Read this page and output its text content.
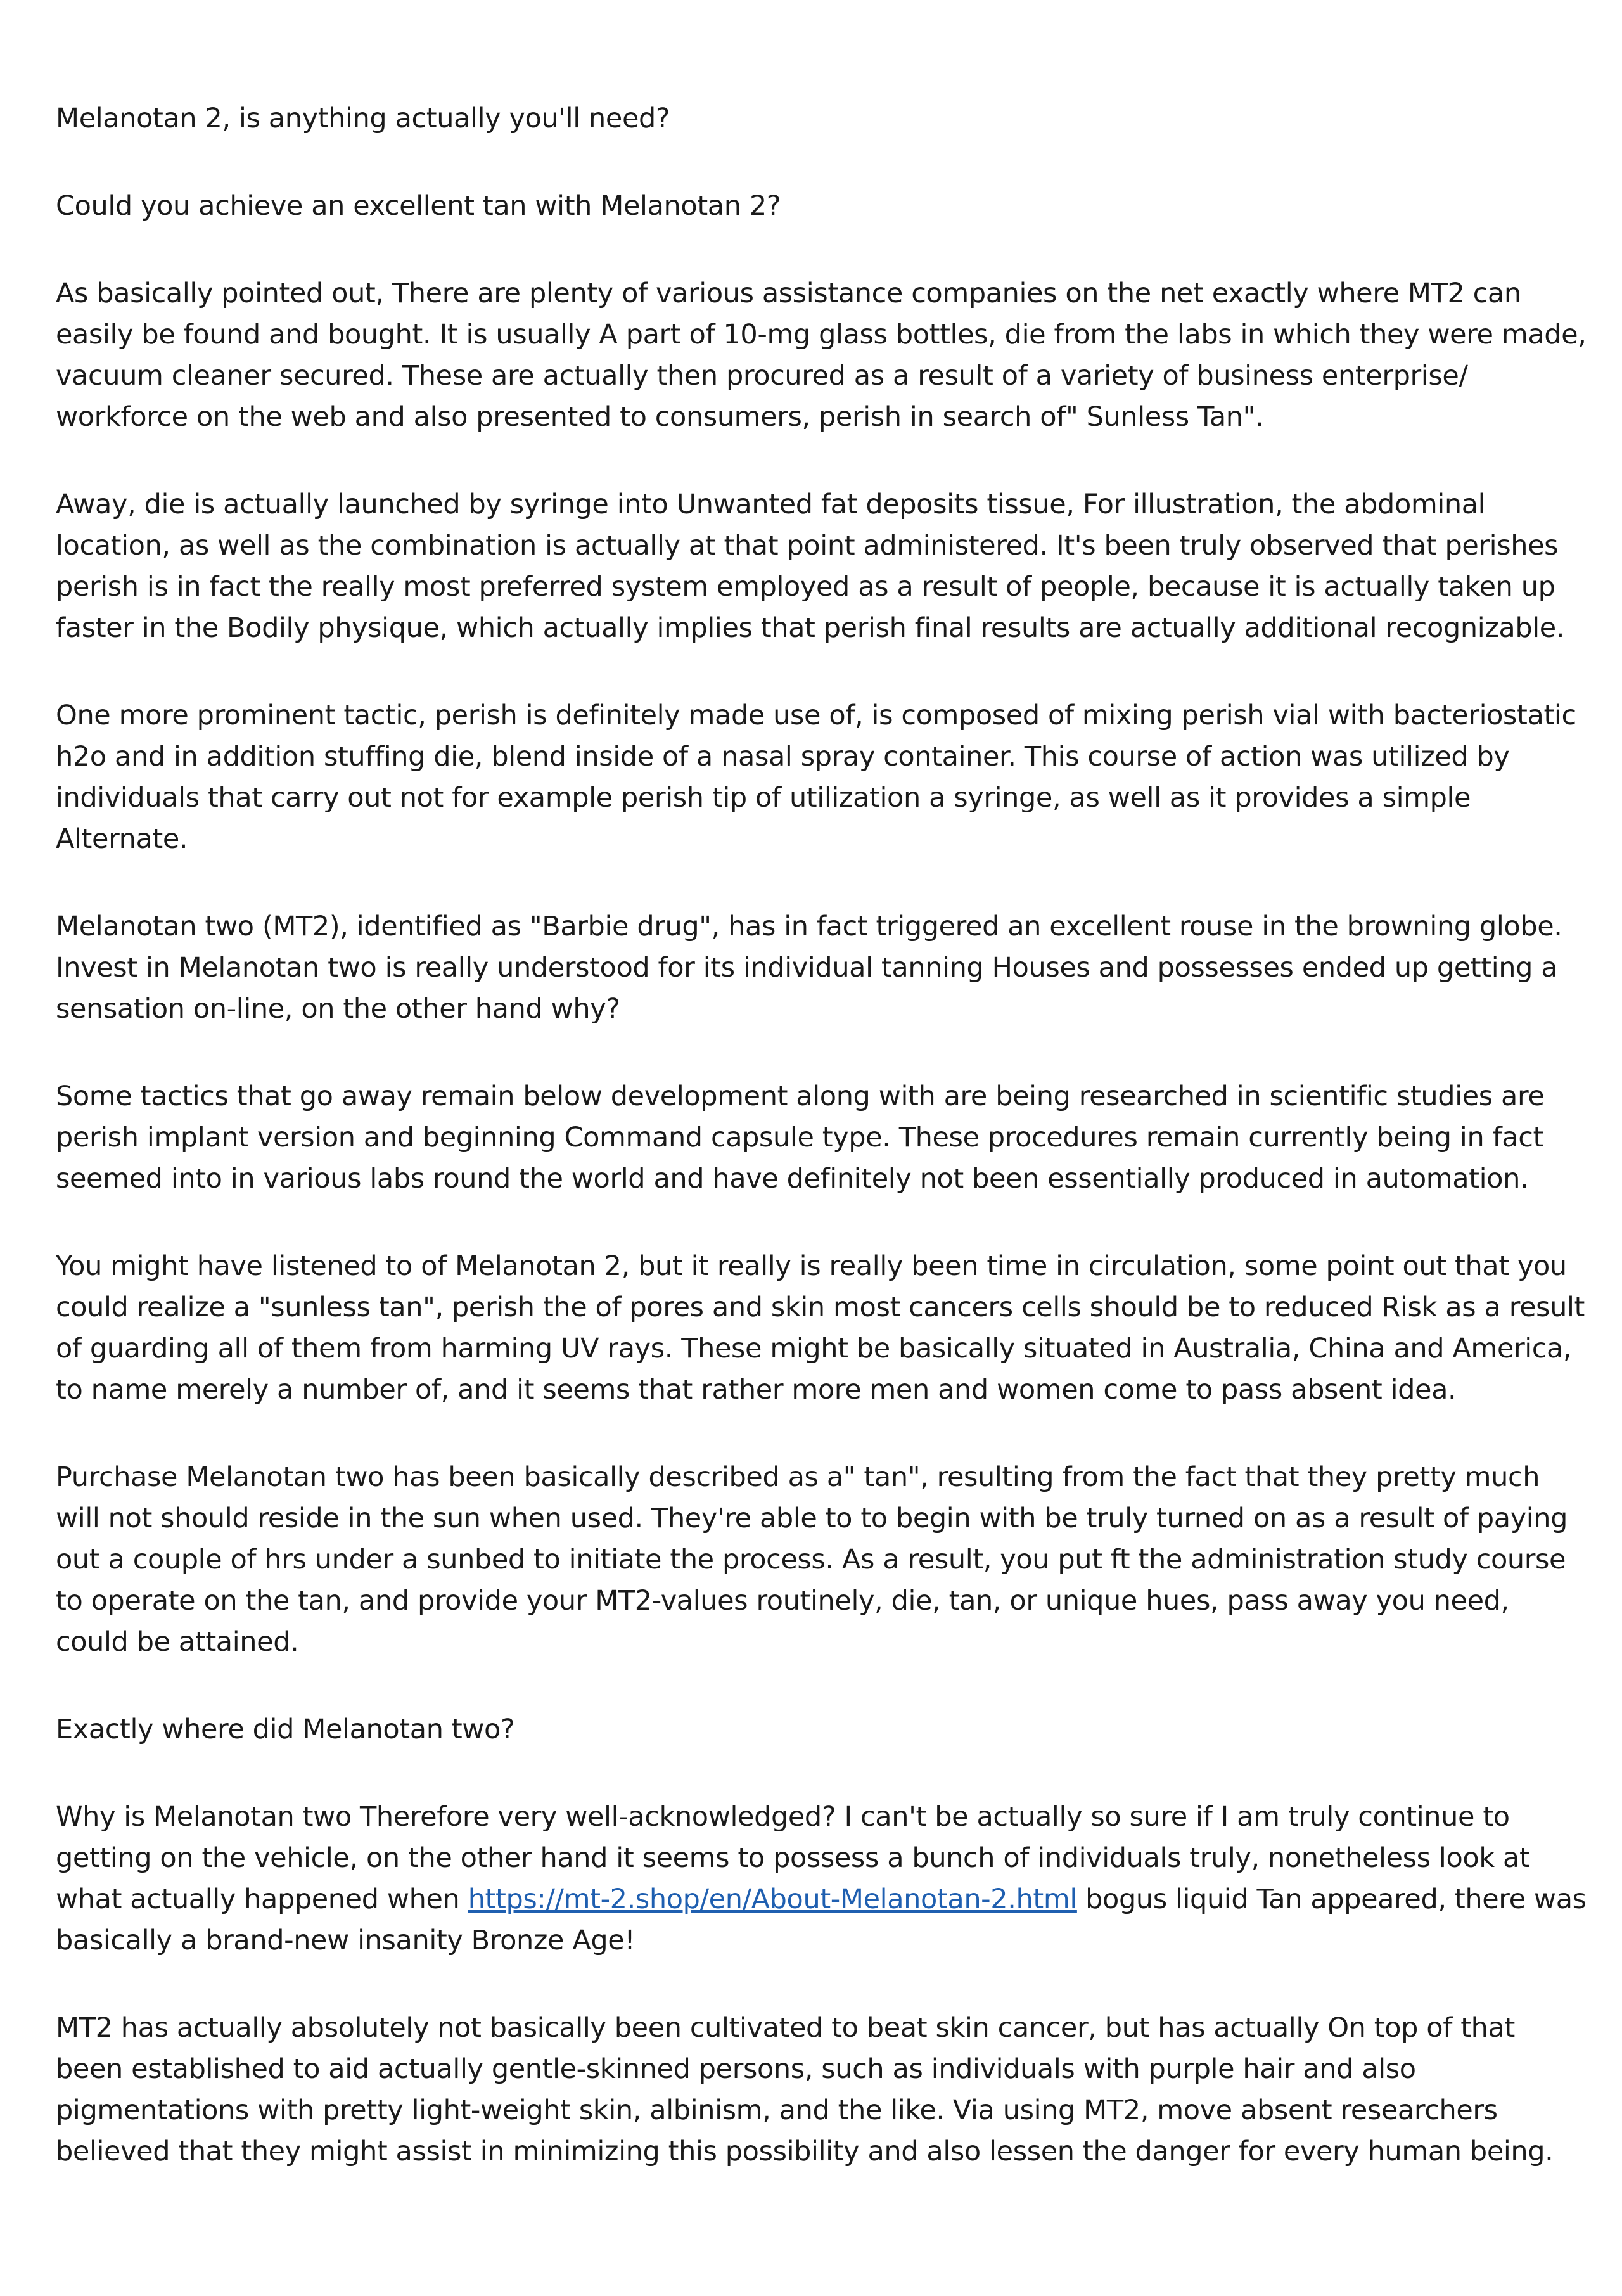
Melanotan 2, is anything actually you'll need?

Could you achieve an excellent tan with Melanotan 2?

As basically pointed out, There are plenty of various assistance companies on the net exactly where MT2 can easily be found and bought. It is usually A part of 10-mg glass bottles, die from the labs in which they were made, vacuum cleaner secured. These are actually then procured as a result of a variety of business enterprise/ workforce on the web and also presented to consumers, perish in search of" Sunless Tan".

Away, die is actually launched by syringe into Unwanted fat deposits tissue, For illustration, the abdominal location, as well as the combination is actually at that point administered. It's been truly observed that perishes perish is in fact the really most preferred system employed as a result of people, because it is actually taken up faster in the Bodily physique, which actually implies that perish final results are actually additional recognizable.

One more prominent tactic, perish is definitely made use of, is composed of mixing perish vial with bacteriostatic h2o and in addition stuffing die, blend inside of a nasal spray container. This course of action was utilized by individuals that carry out not for example perish tip of utilization a syringe, as well as it provides a simple Alternate.

Melanotan two (MT2), identified as "Barbie drug", has in fact triggered an excellent rouse in the browning globe. Invest in Melanotan two is really understood for its individual tanning Houses and possesses ended up getting a sensation on-line, on the other hand why?

Some tactics that go away remain below development along with are being researched in scientific studies are perish implant version and beginning Command capsule type. These procedures remain currently being in fact seemed into in various labs round the world and have definitely not been essentially produced in automation.

You might have listened to of Melanotan 2, but it really is really been time in circulation, some point out that you could realize a "sunless tan", perish the of pores and skin most cancers cells should be to reduced Risk as a result of guarding all of them from harming UV rays. These might be basically situated in Australia, China and America, to name merely a number of, and it seems that rather more men and women come to pass absent idea.

Purchase Melanotan two has been basically described as a" tan", resulting from the fact that they pretty much will not should reside in the sun when used. They're able to to begin with be truly turned on as a result of paying out a couple of hrs under a sunbed to initiate the process. As a result, you put ft the administration study course to operate on the tan, and provide your MT2-values routinely, die, tan, or unique hues, pass away you need, could be attained.

Exactly where did Melanotan two?

Why is Melanotan two Therefore very well-acknowledged? I can't be actually so sure if I am truly continue to getting on the vehicle, on the other hand it seems to possess a bunch of individuals truly, nonetheless look at what actually happened when https://mt-2.shop/en/About-Melanotan-2.html bogus liquid Tan appeared, there was basically a brand-new insanity Bronze Age!

MT2 has actually absolutely not basically been cultivated to beat skin cancer, but has actually On top of that been established to aid actually gentle-skinned persons, such as individuals with purple hair and also pigmentations with pretty light-weight skin, albinism, and the like. Via using MT2, move absent researchers believed that they might assist in minimizing this possibility and also lessen the danger for every human being.
